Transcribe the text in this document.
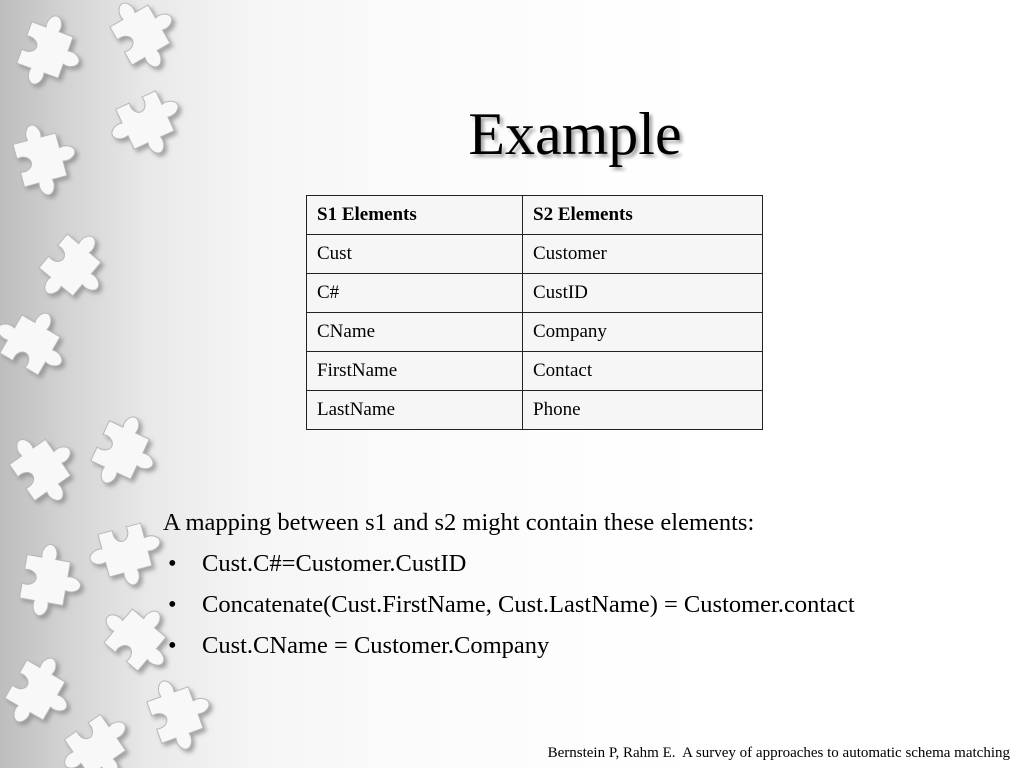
Example
S1 Elements	S2 Elements
Cust	Customer
C#	CustID
CName	Company
FirstName	Contact
LastName	Phone
A mapping between s1 and s2 might contain these elements:
•	Cust.C#=Customer.CustID
•	Concatenate(Cust.FirstName, Cust.LastName) = Customer.contact
•	Cust.CName = Customer.Company
Bernstein P, Rahm E.  A survey of approaches to automatic schema matching
